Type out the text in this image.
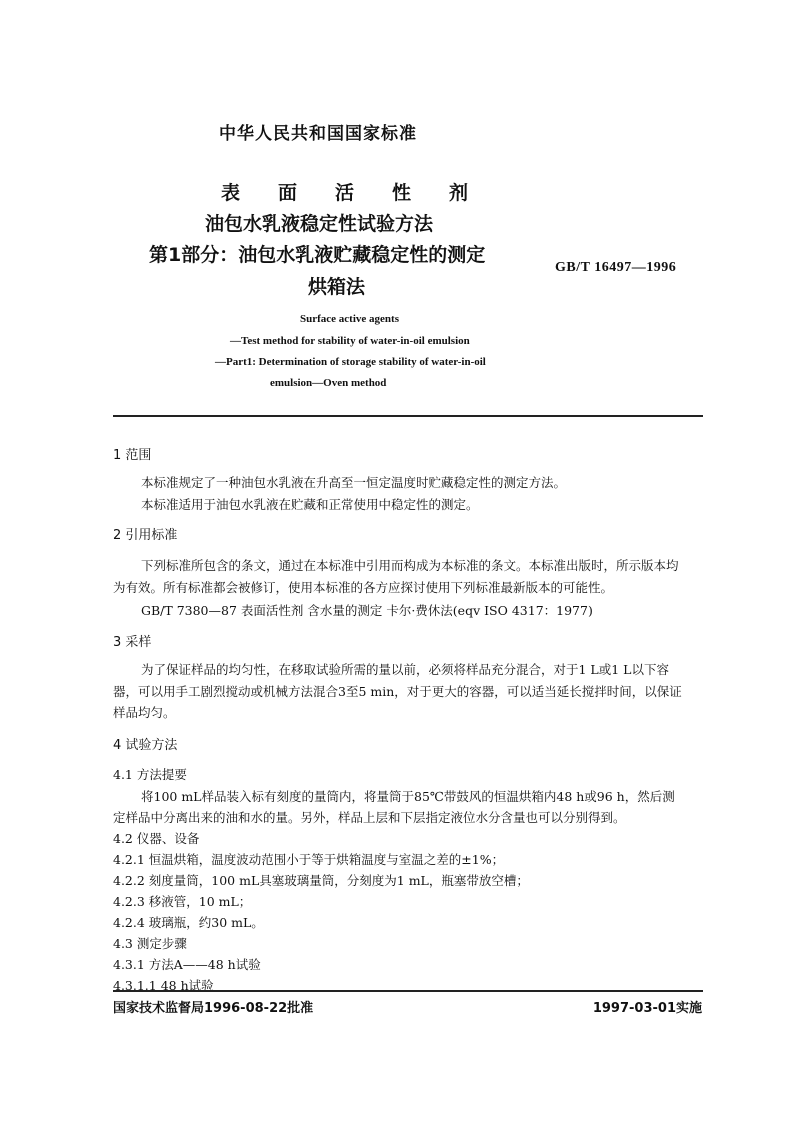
中华人民共和国国家标准
表面活性剂
油包水乳液稳定性试验方法
第1部分：油包水乳液贮藏稳定性的测定
烘箱法
GB/T 16497—1996
Surface active agents
—Test method for stability of water-in-oil emulsion
—Part1: Determination of storage stability of water-in-oil
emulsion—Oven method
1 范围
本标准规定了一种油包水乳液在升高至一恒定温度时贮藏稳定性的测定方法。
本标准适用于油包水乳液在贮藏和正常使用中稳定性的测定。
2 引用标准
下列标准所包含的条文，通过在本标准中引用而构成为本标准的条文。本标准出版时，所示版本均
为有效。所有标准都会被修订，使用本标准的各方应探讨使用下列标准最新版本的可能性。
GB/T 7380—87 表面活性剂 含水量的测定 卡尔·费休法(eqv ISO 4317：1977)
3 采样
为了保证样品的均匀性，在移取试验所需的量以前，必须将样品充分混合，对于1 L或1 L以下容
器，可以用手工剧烈搅动或机械方法混合3至5 min，对于更大的容器，可以适当延长搅拌时间，以保证
样品均匀。
4 试验方法
4.1 方法提要
将100 mL样品装入标有刻度的量筒内，将量筒于85℃带鼓风的恒温烘箱内48 h或96 h，然后测
定样品中分离出来的油和水的量。另外，样品上层和下层指定液位水分含量也可以分别得到。
4.2 仪器、设备
4.2.1 恒温烘箱，温度波动范围小于等于烘箱温度与室温之差的±1%；
4.2.2 刻度量筒，100 mL具塞玻璃量筒，分刻度为1 mL，瓶塞带放空槽；
4.2.3 移液管，10 mL；
4.2.4 玻璃瓶，约30 mL。
4.3 测定步骤
4.3.1 方法A——48 h试验
4.3.1.1 48 h试验
国家技术监督局1996-08-22批准	1997-03-01实施
